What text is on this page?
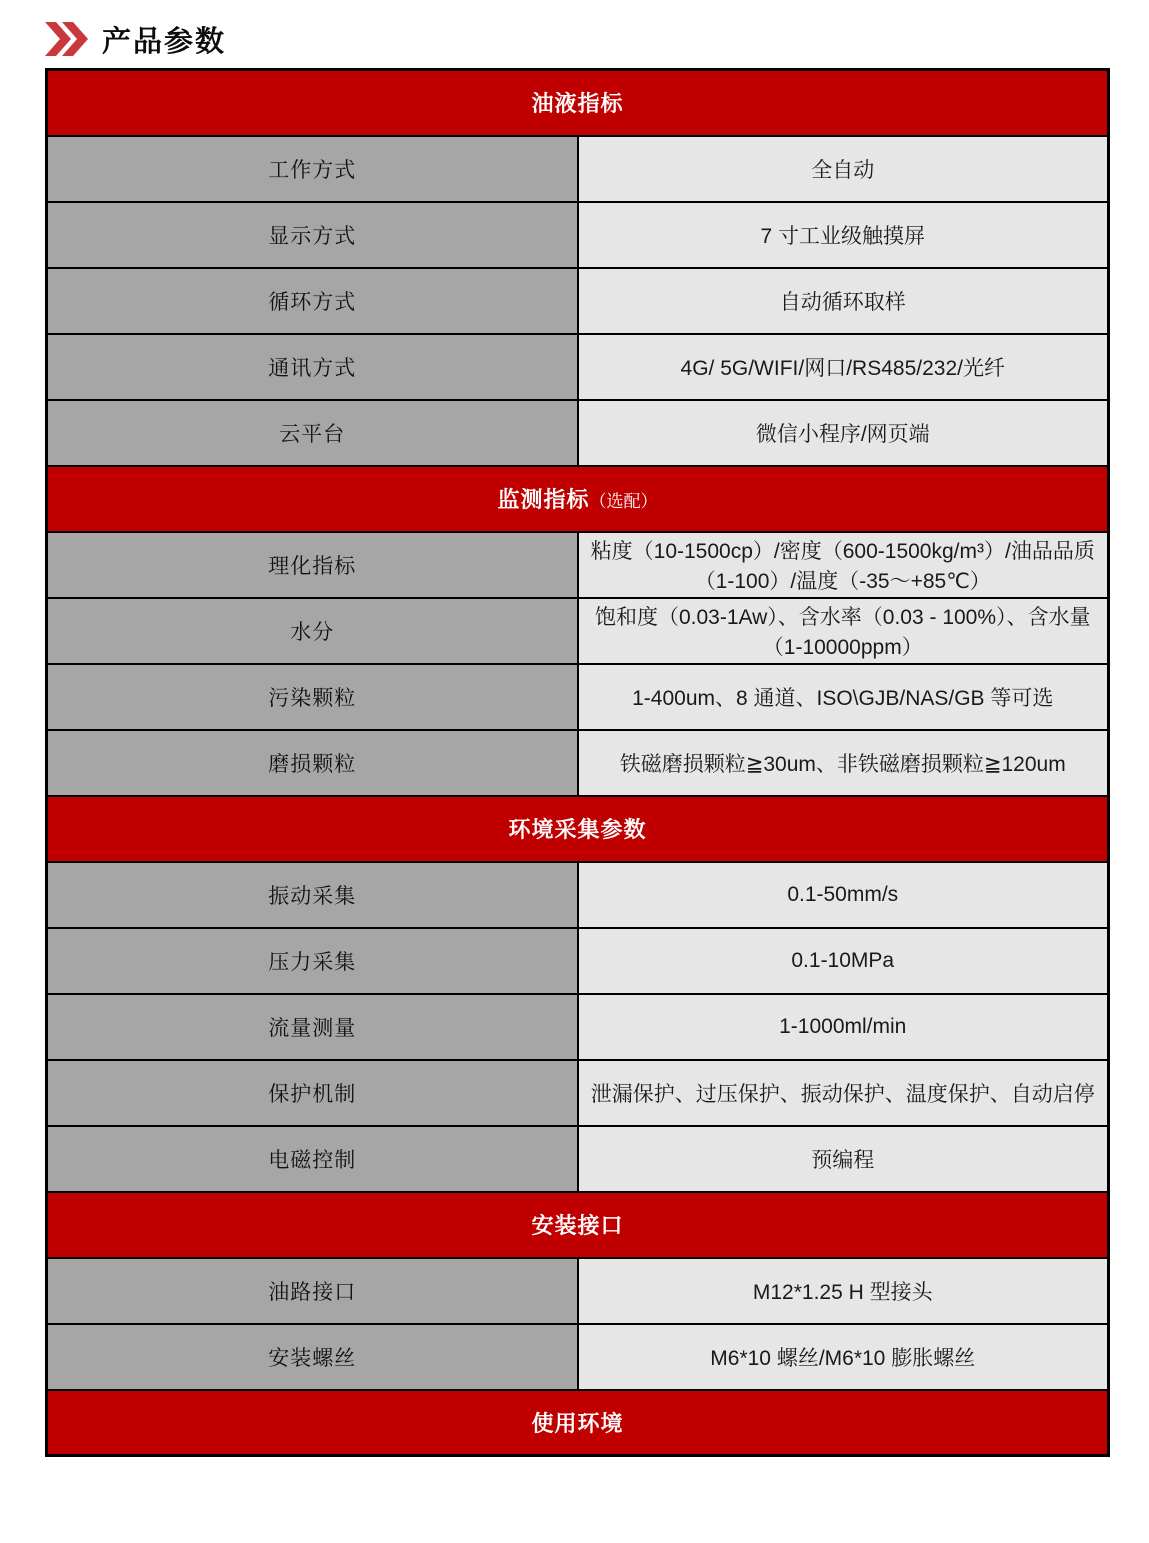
产品参数
油液指标	
工作方式	全自动
显示方式	7 寸工业级触摸屏
循环方式	自动循环取样
通讯方式	4G/ 5G/WIFI/网口/RS485/232/光纤
云平台	微信小程序/网页端
监测指标（选配）	
理化指标	粘度（10-1500cp）/密度（600-1500kg/m³）/油品品质（1-100）/温度（-35～+85℃）
水分	饱和度（0.03-1Aw）、含水率（0.03 - 100%）、含水量（1-10000ppm）
污染颗粒	1-400um、8 通道、ISO\GJB/NAS/GB 等可选
磨损颗粒	铁磁磨损颗粒≧30um、非铁磁磨损颗粒≧120um
环境采集参数	
振动采集	0.1-50mm/s
压力采集	0.1-10MPa
流量测量	1-1000ml/min
保护机制	泄漏保护、过压保护、振动保护、温度保护、自动启停
电磁控制	预编程
安装接口	
油路接口	M12*1.25 H 型接头
安装螺丝	M6*10 螺丝/M6*10 膨胀螺丝
使用环境	
